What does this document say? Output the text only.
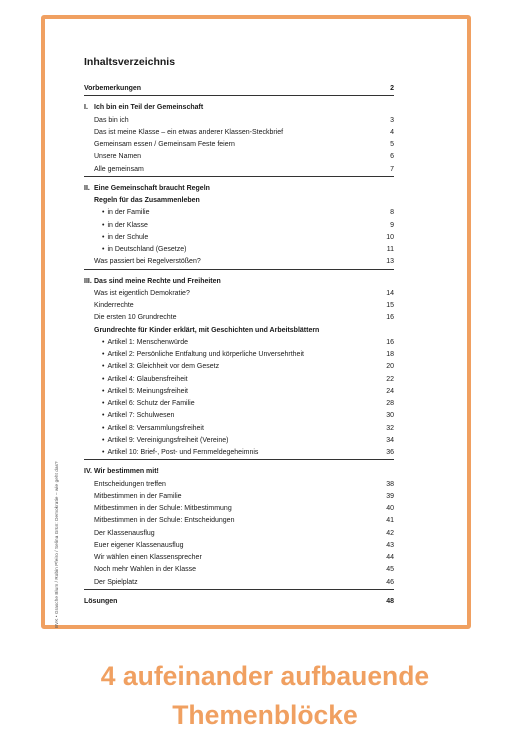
BVK • Grasche Blum / Robin Pfeiro / Selina Grün: Demokratie – wie geht das?
Inhaltsverzeichnis
Vorbemerkungen	2
I. Ich bin ein Teil der Gemeinschaft
Das bin ich	3
Das ist meine Klasse – ein etwas anderer Klassen-Steckbrief	4
Gemeinsam essen / Gemeinsam Feste feiern	5
Unsere Namen	6
Alle gemeinsam	7
II. Eine Gemeinschaft braucht Regeln
Regeln für das Zusammenleben
• in der Familie	8
• in der Klasse	9
• in der Schule	10
• in Deutschland (Gesetze)	11
Was passiert bei Regelverstößen?	13
III. Das sind meine Rechte und Freiheiten
Was ist eigentlich Demokratie?	14
Kinderrechte	15
Die ersten 10 Grundrechte	16
Grundrechte für Kinder erklärt, mit Geschichten und Arbeitsblättern
• Artikel 1: Menschenwürde	16
• Artikel 2: Persönliche Entfaltung und körperliche Unversehrtheit	18
• Artikel 3: Gleichheit vor dem Gesetz	20
• Artikel 4: Glaubensfreiheit	22
• Artikel 5: Meinungsfreiheit	24
• Artikel 6: Schutz der Familie	28
• Artikel 7: Schulwesen	30
• Artikel 8: Versammlungsfreiheit	32
• Artikel 9: Vereinigungsfreiheit (Vereine)	34
• Artikel 10: Brief-, Post- und Fernmeldegeheimnis	36
IV. Wir bestimmen mit!
Entscheidungen treffen	38
Mitbestimmen in der Familie	39
Mitbestimmen in der Schule: Mitbestimmung	40
Mitbestimmen in der Schule: Entscheidungen	41
Der Klassenausflug	42
Euer eigener Klassenausflug	43
Wir wählen einen Klassensprecher	44
Noch mehr Wahlen in der Klasse	45
Der Spielplatz	46
Lösungen	48

4 aufeinander aufbauende

Themenblöcke
